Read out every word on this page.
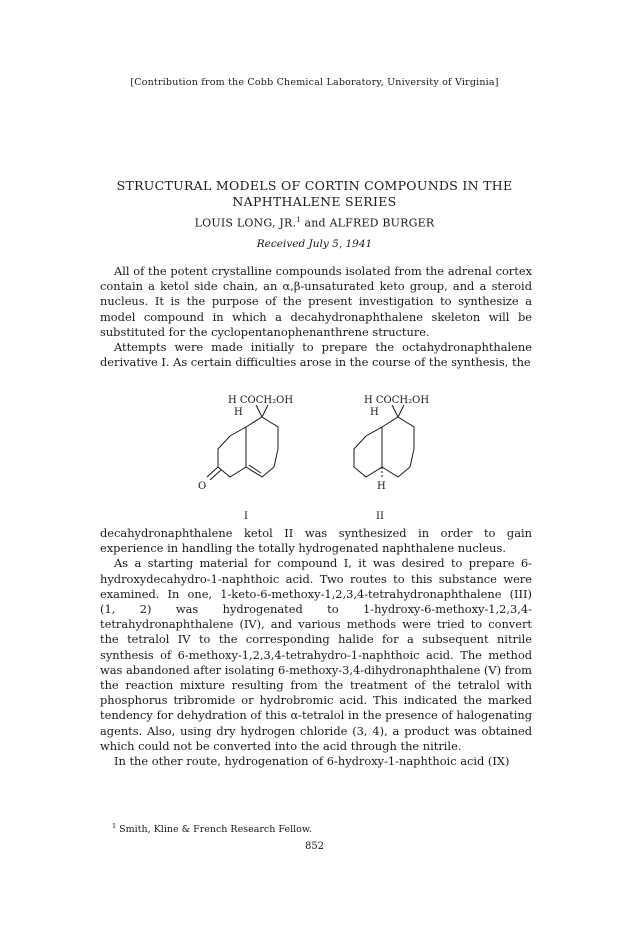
[Contribution from the Cobb Chemical Laboratory, University of Virginia]
STRUCTURAL MODELS OF CORTIN COMPOUNDS IN THE
NAPHTHALENE SERIES
LOUIS LONG, JR.$^1$ and ALFRED BURGER
Received July 5, 1941

All of the potent crystalline compounds isolated from the adrenal cortex contain a ketol side chain, an α,β-unsaturated keto group, and a steroid nucleus. It is the purpose of the present investigation to synthesize a model compound in which a decahydronaphthalene skeleton will be substituted for the cyclopentanophenanthrene structure.

Attempts were made initially to prepare the octahydronaphthalene derivative I. As certain difficulties arose in the course of the synthesis, the

H COCH₂OH
H
O
I
H COCH₂OH
H
H
II

decahydronaphthalene ketol II was synthesized in order to gain experience in handling the totally hydrogenated naphthalene nucleus.

As a starting material for compound I, it was desired to prepare 6-hydroxydecahydro-1-naphthoic acid. Two routes to this substance were examined. In one, 1-keto-6-methoxy-1,2,3,4-tetrahydronaphthalene (III) (1, 2) was hydrogenated to 1-hydroxy-6-methoxy-1,2,3,4-tetrahydronaphthalene (IV), and various methods were tried to convert the tetralol IV to the corresponding halide for a subsequent nitrile synthesis of 6-methoxy-1,2,3,4-tetrahydro-1-naphthoic acid. The method was abandoned after isolating 6-methoxy-3,4-dihydronaphthalene (V) from the reaction mixture resulting from the treatment of the tetralol with phosphorus tribromide or hydrobromic acid. This indicated the marked tendency for dehydration of this α-tetralol in the presence of halogenating agents. Also, using dry hydrogen chloride (3, 4), a product was obtained which could not be converted into the acid through the nitrile.

In the other route, hydrogenation of 6-hydroxy-1-naphthoic acid (IX)

$^1$ Smith, Kline & French Research Fellow.
852
